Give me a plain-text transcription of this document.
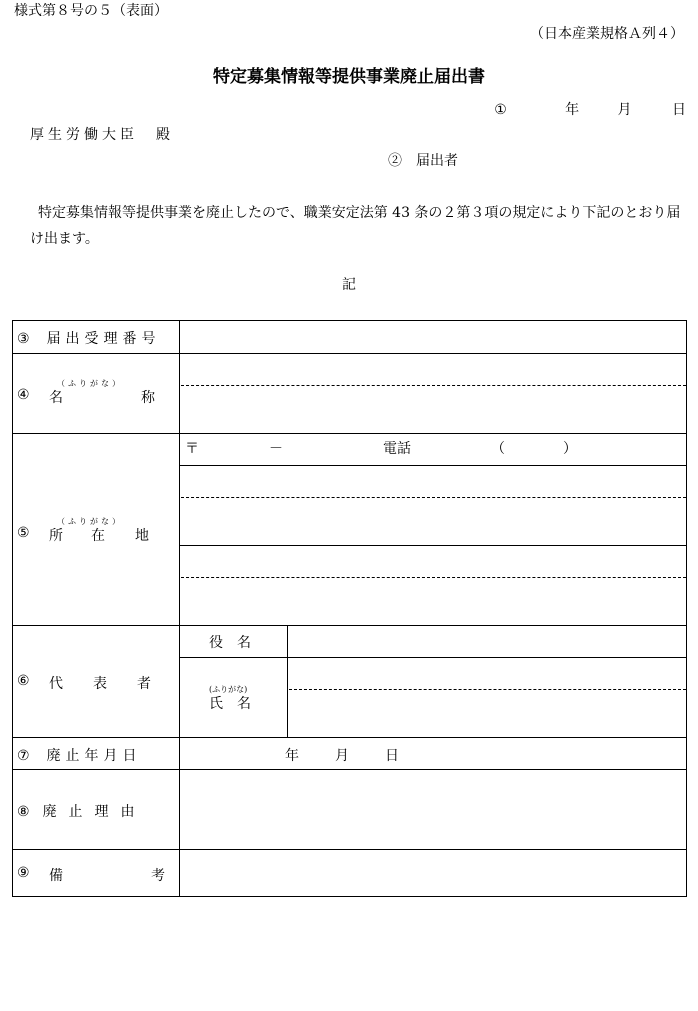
様式第８号の５（表面）
（日本産業規格Ａ列４）
特定募集情報等提供事業廃止届出書
①	年	月	日
厚生労働大臣　殿
②　届出者
特定募集情報等提供事業を廃止したので、職業安定法第 43 条の２第３項の規定により下記のとおり届け出ます。
記
③ 届出受理番号
（ふりがな）
④ 名	称
（ふりがな）
⑤ 所 在 地
〒	－	電話	（	）
⑥ 代 表 者
役　名
(ふりがな)
氏　名
⑦ 廃止年月日	年	月	日
⑧ 廃止理由
⑨ 備	考
